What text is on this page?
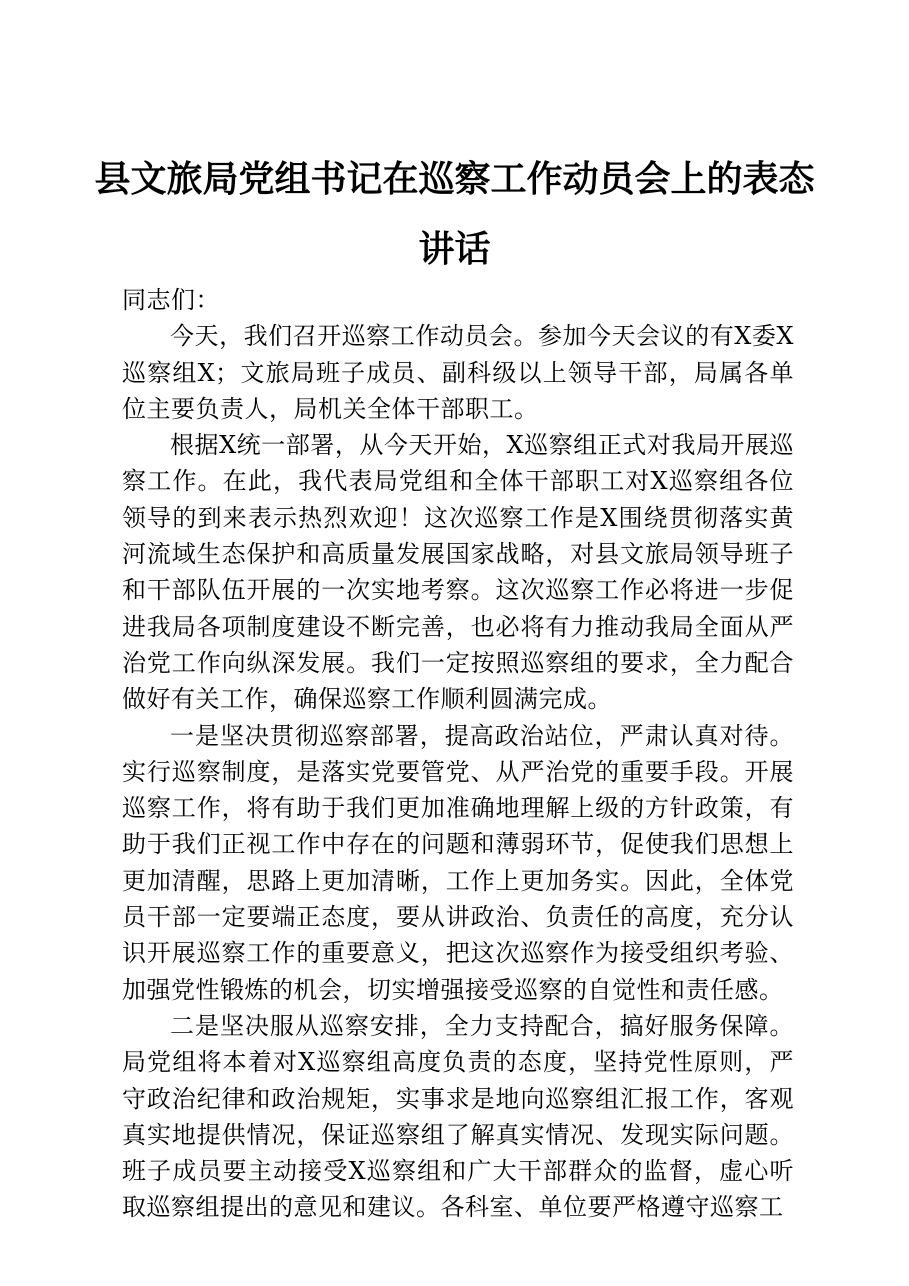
县文旅局党组书记在巡察工作动员会上的表态
讲话

同志们：

今天，我们召开巡察工作动员会。参加今天会议的有X委X巡察组X；文旅局班子成员、副科级以上领导干部，局属各单位主要负责人，局机关全体干部职工。

根据X统一部署，从今天开始，X巡察组正式对我局开展巡察工作。在此，我代表局党组和全体干部职工对X巡察组各位领导的到来表示热烈欢迎！这次巡察工作是X围绕贯彻落实黄河流域生态保护和高质量发展国家战略，对县文旅局领导班子和干部队伍开展的一次实地考察。这次巡察工作必将进一步促进我局各项制度建设不断完善，也必将有力推动我局全面从严治党工作向纵深发展。我们一定按照巡察组的要求，全力配合做好有关工作，确保巡察工作顺利圆满完成。

一是坚决贯彻巡察部署，提高政治站位，严肃认真对待。实行巡察制度，是落实党要管党、从严治党的重要手段。开展巡察工作，将有助于我们更加准确地理解上级的方针政策，有助于我们正视工作中存在的问题和薄弱环节，促使我们思想上更加清醒，思路上更加清晰，工作上更加务实。因此，全体党员干部一定要端正态度，要从讲政治、负责任的高度，充分认识开展巡察工作的重要意义，把这次巡察作为接受组织考验、加强党性锻炼的机会，切实增强接受巡察的自觉性和责任感。

二是坚决服从巡察安排，全力支持配合，搞好服务保障。局党组将本着对X巡察组高度负责的态度，坚持党性原则，严守政治纪律和政治规矩，实事求是地向巡察组汇报工作，客观真实地提供情况，保证巡察组了解真实情况、发现实际问题。班子成员要主动接受X巡察组和广大干部群众的监督，虚心听取巡察组提出的意见和建议。各科室、单位要严格遵守巡察工
